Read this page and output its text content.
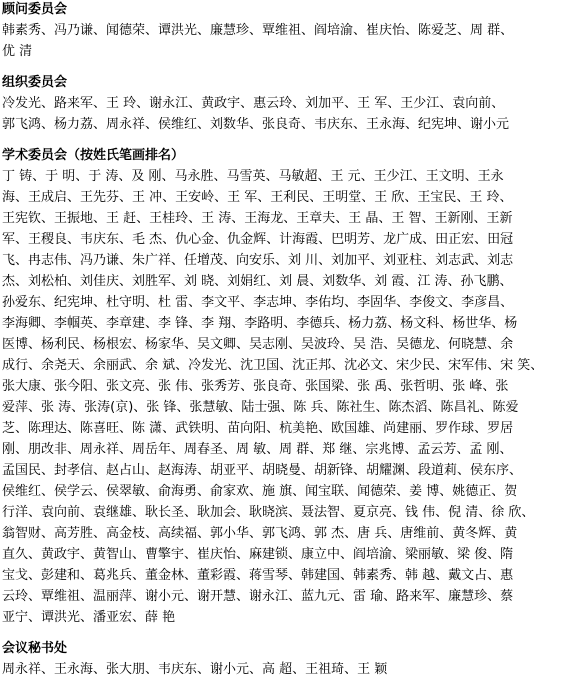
顾问委员会
韩素秀、冯乃谦、闻德荣、谭洪光、廉慧珍、覃维祖、阎培渝、崔庆怡、陈爱芝、周 群、
优 清
组织委员会
冷发光、路来军、王 玲、谢永江、黄政宇、惠云玲、刘加平、王 军、王少江、袁向前、
郭飞鸿、杨力荔、周永祥、侯维红、刘数华、张良奇、韦庆东、王永海、纪宪坤、谢小元
学术委员会（按姓氏笔画排名）
丁 铸、于 明、于 涛、及 刚、马永胜、马雪英、马敏超、王 元、王少江、王文明、王永
海、王成启、王先芬、王 冲、王安岭、王 军、王利民、王明堂、王 欣、王宝民、王 玲、
王宪钦、王振地、王 赶、王桂玲、王 涛、王海龙、王章夫、王 晶、王 智、王新刚、王新
军、王稷良、韦庆东、毛 杰、仇心金、仇金辉、计海霞、巴明芳、龙广成、田正宏、田冠
飞、冉志伟、冯乃谦、朱广祥、任增茂、向安乐、刘 川、刘加平、刘亚柱、刘志武、刘志
杰、刘松柏、刘佳庆、刘胜军、刘 晓、刘娟红、刘 晨、刘数华、刘 霞、江 涛、孙飞鹏、
孙爱东、纪宪坤、杜守明、杜 雷、李文平、李志坤、李佑均、李固华、李俊文、李彦昌、
李海卿、李帼英、李章建、李 锋、李 翔、李路明、李德兵、杨力荔、杨文科、杨世华、杨
医博、杨利民、杨根宏、杨家华、吴文卿、吴志刚、吴波玲、吴 浩、吴德龙、何晓慧、余
成行、余尧天、余丽武、余 斌、冷发光、沈卫国、沈正邦、沈必文、宋少民、宋军伟、宋 笑、
张大康、张今阳、张文亮、张 伟、张秀芳、张良奇、张国梁、张 禹、张哲明、张 峰、张
爱萍、张 涛、张涛(京)、张 锋、张慧敏、陆士强、陈 兵、陈社生、陈杰滔、陈昌礼、陈爱
芝、陈理达、陈喜旺、陈 潇、武铁明、苗向阳、杭美艳、欧国雄、尚建丽、罗作球、罗居
刚、朋改非、周永祥、周岳年、周春圣、周 敏、周 群、郑 继、宗兆博、孟云芳、孟 刚、
孟国民、封孝信、赵占山、赵海涛、胡亚平、胡晓曼、胡新锋、胡耀渊、段道莉、侯东序、
侯维红、侯学云、侯翠敏、俞海勇、俞家欢、施 旗、闻宝联、闻德荣、姜 博、姚德正、贺
行洋、袁向前、袁继雄、耿长圣、耿加会、耿晓滨、聂法智、夏京亮、钱 伟、倪 清、徐 欣、
翁智财、高芳胜、高金枝、高续福、郭小华、郭飞鸿、郭 杰、唐 兵、唐维前、黄冬辉、黄
直久、黄政宇、黄智山、曹擎宇、崔庆怡、麻建锁、康立中、阎培渝、梁丽敏、梁 俊、隋
宝戈、彭建和、葛兆兵、董金林、董彩霞、蒋雪琴、韩建国、韩素秀、韩 越、戴文占、惠
云玲、覃维祖、温丽萍、谢小元、谢开慧、谢永江、蓝九元、雷 瑜、路来军、廉慧珍、蔡
亚宁、谭洪光、潘亚宏、薛 艳
会议秘书处
周永祥、王永海、张大朋、韦庆东、谢小元、高 超、王祖琦、王 颖
